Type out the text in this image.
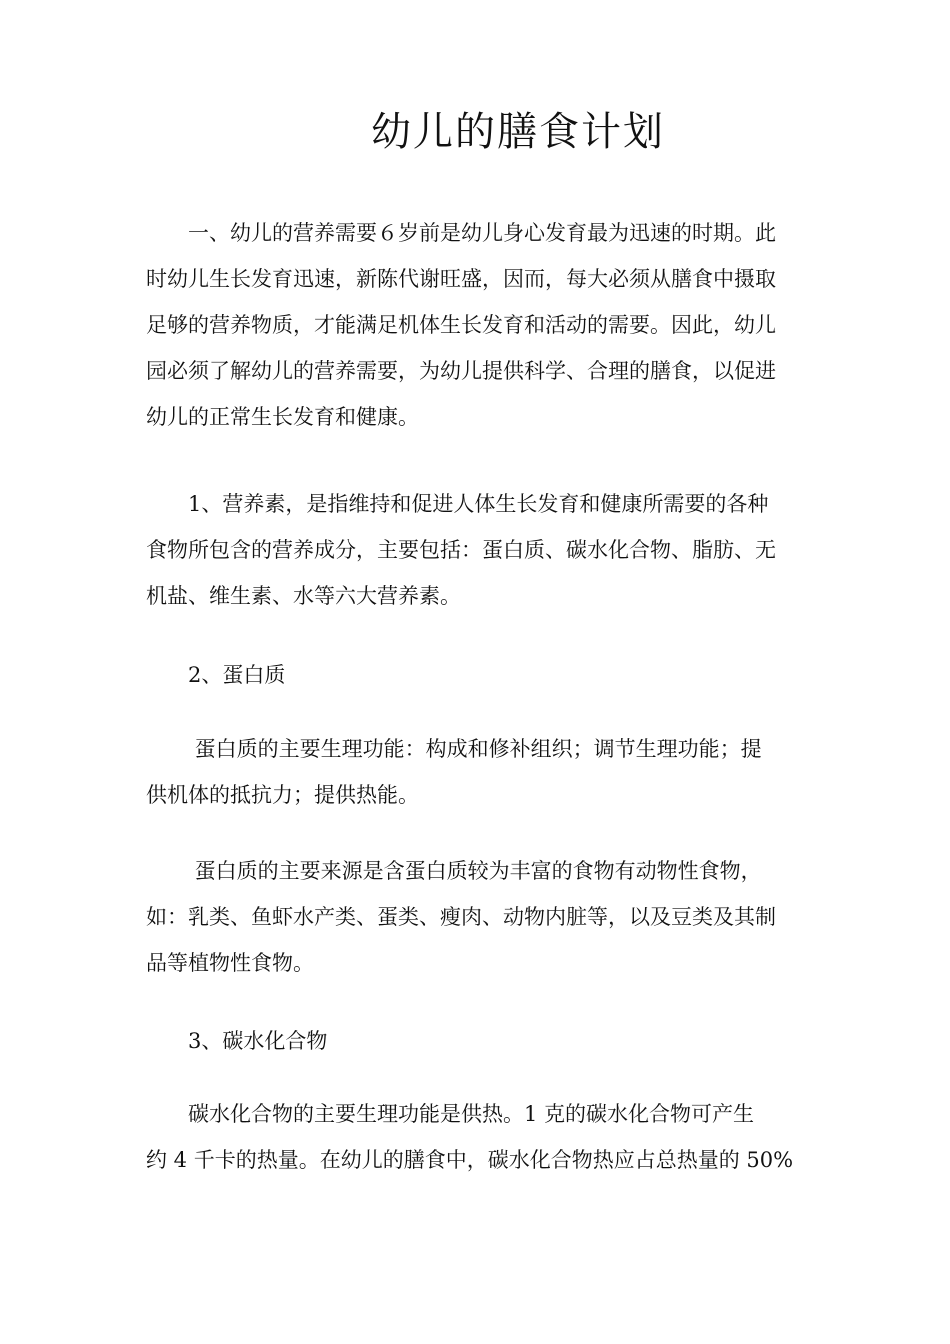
幼儿的膳食计划
　　一、幼儿的营养需要６岁前是幼儿身心发育最为迅速的时期。此
时幼儿生长发育迅速，新陈代谢旺盛，因而，每大必须从膳食中摄取
足够的营养物质，才能满足机体生长发育和活动的需要。因此，幼儿
园必须了解幼儿的营养需要，为幼儿提供科学、合理的膳食，以促进
幼儿的正常生长发育和健康。
　　1、营养素，是指维持和促进人体生长发育和健康所需要的各种
食物所包含的营养成分，主要包括：蛋白质、碳水化合物、脂肪、无
机盐、维生素、水等六大营养素。
　　2、蛋白质
　　 蛋白质的主要生理功能：构成和修补组织；调节生理功能；提
供机体的抵抗力；提供热能。
　　 蛋白质的主要来源是含蛋白质较为丰富的食物有动物性食物，
如：乳类、鱼虾水产类、蛋类、瘦肉、动物内脏等，以及豆类及其制
品等植物性食物。
　　3、碳水化合物
　　碳水化合物的主要生理功能是供热。1 克的碳水化合物可产生
约 4 千卡的热量。在幼儿的膳食中，碳水化合物热应占总热量的 50%
